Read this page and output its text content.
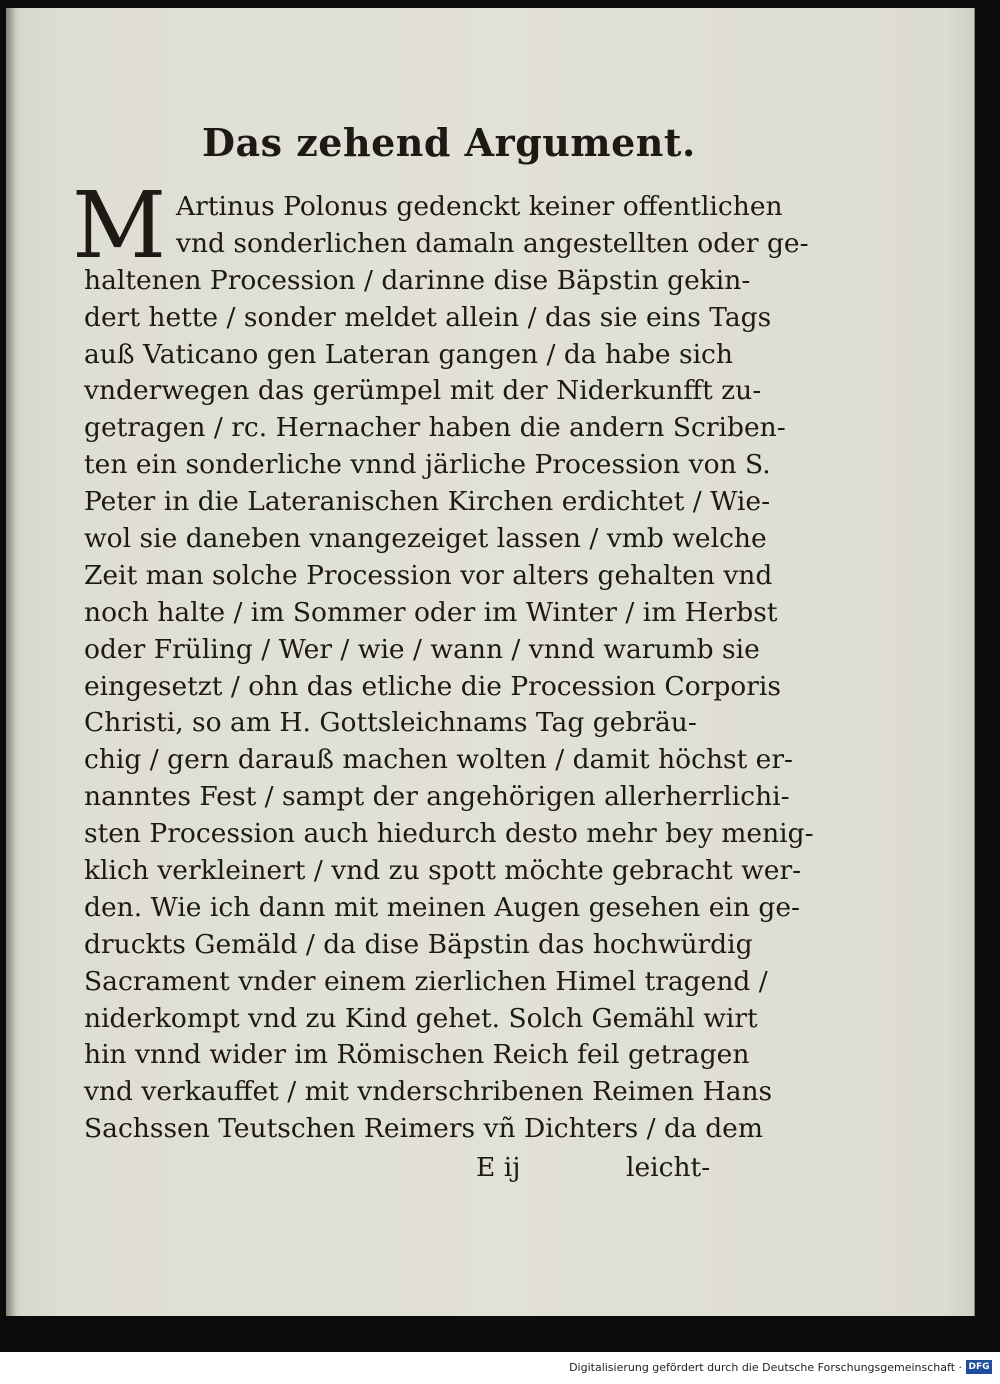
Das zehend Argument.
M Artinus Polonus gedenckt keiner offentlichen
vnd sonderlichen damaln angestellten oder ge-
haltenen Procession / darinne dise Bäpstin gekin-
dert hette / sonder meldet allein / das sie eins Tags
auß Vaticano gen Lateran gangen / da habe sich
vnderwegen das gerümpel mit der Niderkunfft zu-
getragen / rc. Hernacher haben die andern Scriben-
ten ein sonderliche vnnd järliche Procession von S.
Peter in die Lateranischen Kirchen erdichtet / Wie-
wol sie daneben vnangezeiget lassen / vmb welche
Zeit man solche Procession vor alters gehalten vnd
noch halte / im Sommer oder im Winter / im Herbst
oder Früling / Wer / wie / wann / vnnd warumb sie
eingesetzt / ohn das etliche die Procession Corporis
Christi, so am H. Gottsleichnams Tag gebräu-
chig / gern darauß machen wolten / damit höchst er-
nanntes Fest / sampt der angehörigen allerherrlichi-
sten Procession auch hiedurch desto mehr bey menig-
klich verkleinert / vnd zu spott möchte gebracht wer-
den. Wie ich dann mit meinen Augen gesehen ein ge-
druckts Gemäld / da dise Bäpstin das hochwürdig
Sacrament vnder einem zierlichen Himel tragend /
niderkompt vnd zu Kind gehet. Solch Gemähl wirt
hin vnnd wider im Römischen Reich feil getragen
vnd verkauffet / mit vnderschribenen Reimen Hans
Sachssen Teutschen Reimers vñ Dichters / da dem
E ij	leicht-
Digitalisierung gefördert durch die Deutsche Forschungsgemeinschaft · DFG
